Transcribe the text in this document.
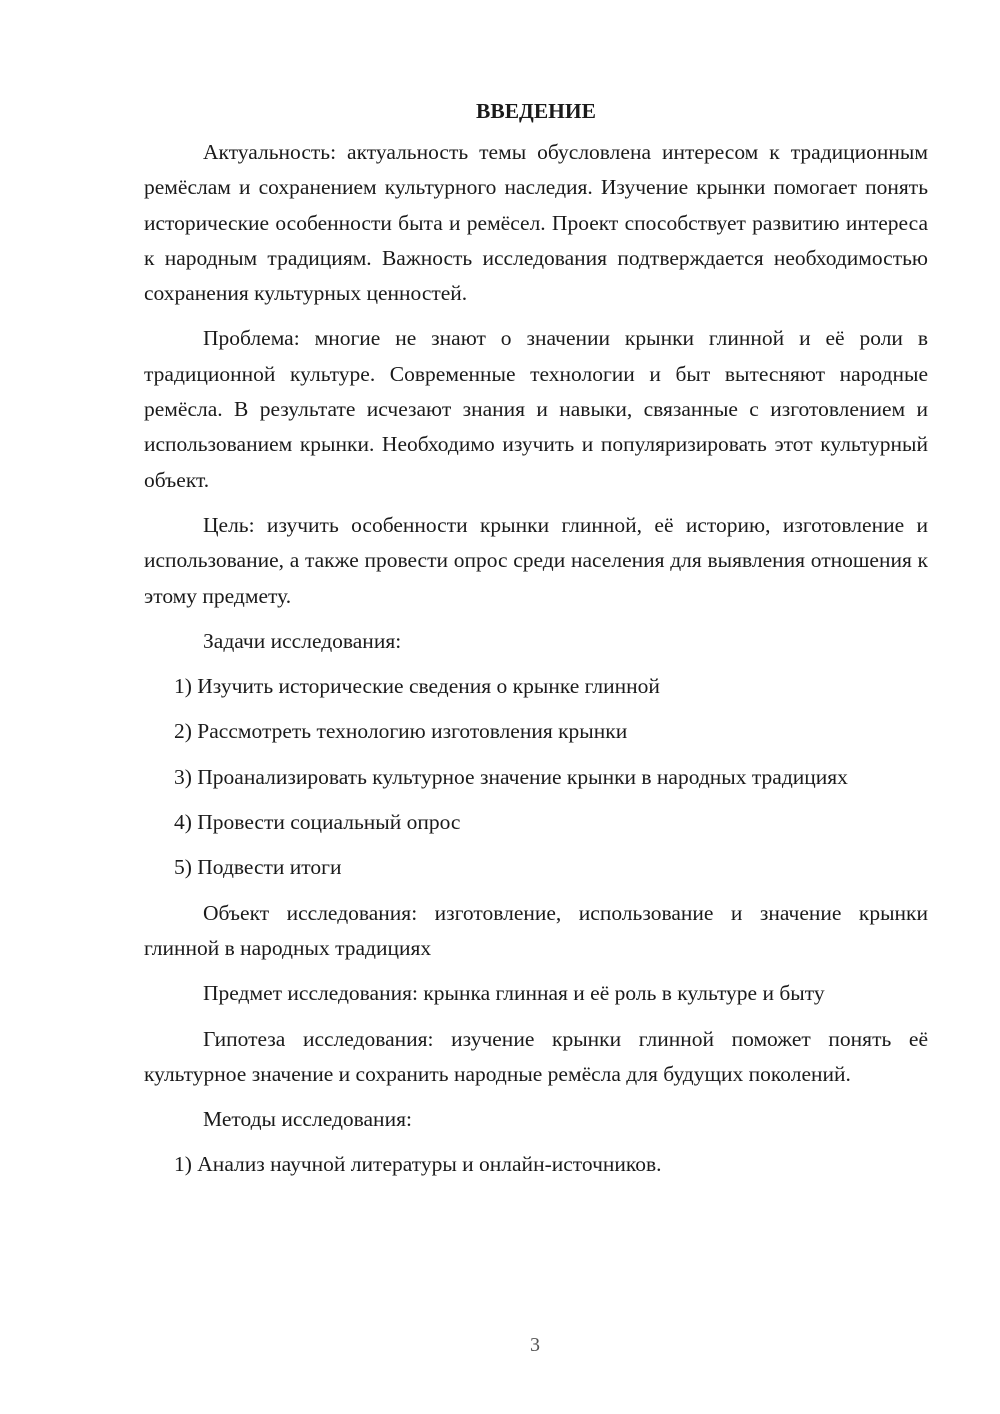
ВВЕДЕНИЕ

Актуальность: актуальность темы обусловлена интересом к традиционным ремёслам и сохранением культурного наследия. Изучение крынки помогает понять исторические особенности быта и ремёсел. Проект способствует развитию интереса к народным традициям. Важность исследования подтверждается необходимостью сохранения культурных ценностей.

Проблема: многие не знают о значении крынки глинной и её роли в традиционной культуре. Современные технологии и быт вытесняют народные ремёсла. В результате исчезают знания и навыки, связанные с изготовлением и использованием крынки. Необходимо изучить и популяризировать этот культурный объект.

Цель: изучить особенности крынки глинной, её историю, изготовление и использование, а также провести опрос среди населения для выявления отношения к этому предмету.

Задачи исследования:

1) Изучить исторические сведения о крынке глинной

2) Рассмотреть технологию изготовления крынки

3) Проанализировать культурное значение крынки в народных традициях

4) Провести социальный опрос

5) Подвести итоги

Объект исследования: изготовление, использование и значение крынки глинной в народных традициях

Предмет исследования: крынка глинная и её роль в культуре и быту

Гипотеза исследования: изучение крынки глинной поможет понять её культурное значение и сохранить народные ремёсла для будущих поколений.

Методы исследования:

1) Анализ научной литературы и онлайн-источников.

3
